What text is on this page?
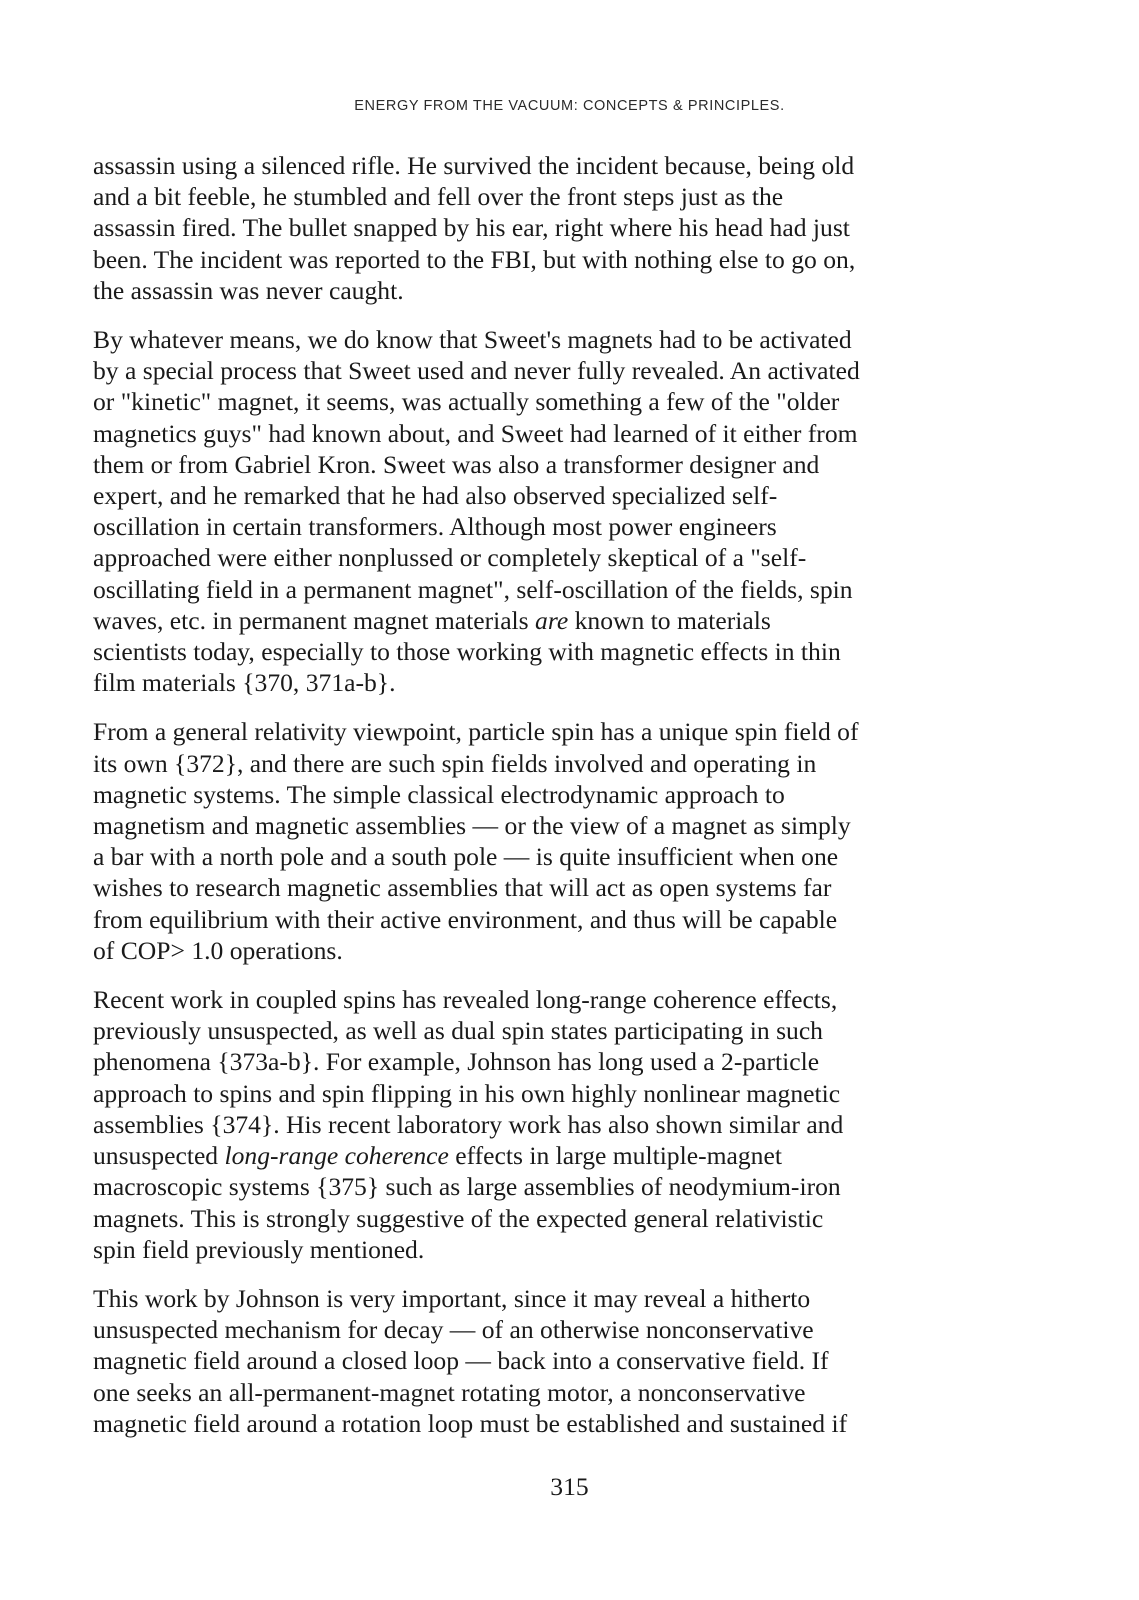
ENERGY FROM THE VACUUM: CONCEPTS & PRINCIPLES.

assassin using a silenced rifle. He survived the incident because, being old
and a bit feeble, he stumbled and fell over the front steps just as the
assassin fired. The bullet snapped by his ear, right where his head had just
been. The incident was reported to the FBI, but with nothing else to go on,
the assassin was never caught.

By whatever means, we do know that Sweet's magnets had to be activated
by a special process that Sweet used and never fully revealed. An activated
or "kinetic" magnet, it seems, was actually something a few of the "older
magnetics guys" had known about, and Sweet had learned of it either from
them or from Gabriel Kron. Sweet was also a transformer designer and
expert, and he remarked that he had also observed specialized self-
oscillation in certain transformers. Although most power engineers
approached were either nonplussed or completely skeptical of a "self-
oscillating field in a permanent magnet", self-oscillation of the fields, spin
waves, etc. in permanent magnet materials are known to materials
scientists today, especially to those working with magnetic effects in thin
film materials {370, 371a-b}.

From a general relativity viewpoint, particle spin has a unique spin field of
its own {372}, and there are such spin fields involved and operating in
magnetic systems. The simple classical electrodynamic approach to
magnetism and magnetic assemblies — or the view of a magnet as simply
a bar with a north pole and a south pole — is quite insufficient when one
wishes to research magnetic assemblies that will act as open systems far
from equilibrium with their active environment, and thus will be capable
of COP> 1.0 operations.

Recent work in coupled spins has revealed long-range coherence effects,
previously unsuspected, as well as dual spin states participating in such
phenomena {373a-b}. For example, Johnson has long used a 2-particle
approach to spins and spin flipping in his own highly nonlinear magnetic
assemblies {374}. His recent laboratory work has also shown similar and
unsuspected long-range coherence effects in large multiple-magnet
macroscopic systems {375} such as large assemblies of neodymium-iron
magnets. This is strongly suggestive of the expected general relativistic
spin field previously mentioned.

This work by Johnson is very important, since it may reveal a hitherto
unsuspected mechanism for decay — of an otherwise nonconservative
magnetic field around a closed loop — back into a conservative field. If
one seeks an all-permanent-magnet rotating motor, a nonconservative
magnetic field around a rotation loop must be established and sustained if

315
